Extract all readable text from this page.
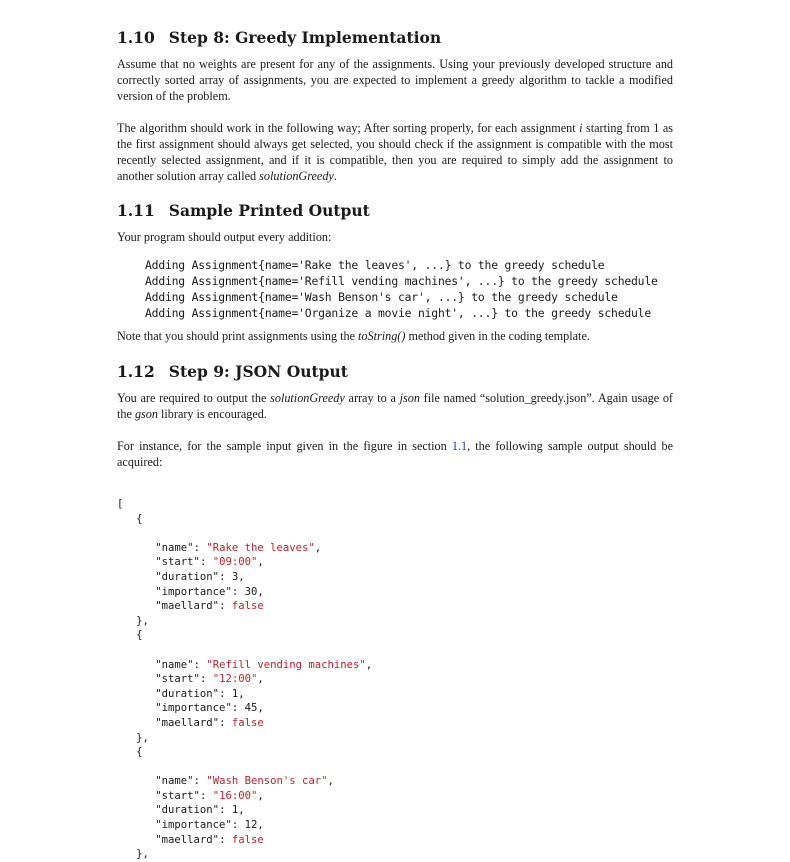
1.10 Step 8: Greedy Implementation

Assume that no weights are present for any of the assignments. Using your previously developed structure and correctly sorted array of assignments, you are expected to implement a greedy algorithm to tackle a modified version of the problem.

The algorithm should work in the following way; After sorting properly, for each assignment i starting from 1 as the first assignment should always get selected, you should check if the assignment is compatible with the most recently selected assignment, and if it is compatible, then you are required to simply add the assignment to another solution array called solutionGreedy.

1.11 Sample Printed Output

Your program should output every addition:

Adding Assignment{name='Rake the leaves', ...} to the greedy schedule
Adding Assignment{name='Refill vending machines', ...} to the greedy schedule
Adding Assignment{name='Wash Benson's car', ...} to the greedy schedule
Adding Assignment{name='Organize a movie night', ...} to the greedy schedule

Note that you should print assignments using the toString() method given in the coding template.

1.12 Step 9: JSON Output

You are required to output the solutionGreedy array to a json file named “solution_greedy.json”. Again usage of the gson library is encouraged.

For instance, for the sample input given in the figure in section 1.1, the following sample output should be acquired:

[
{
"name": "Rake the leaves",
"start": "09:00",
"duration": 3,
"importance": 30,
"maellard": false
},
{
"name": "Refill vending machines",
"start": "12:00",
"duration": 1,
"importance": 45,
"maellard": false
},
{
"name": "Wash Benson's car",
"start": "16:00",
"duration": 1,
"importance": 12,
"maellard": false
},
